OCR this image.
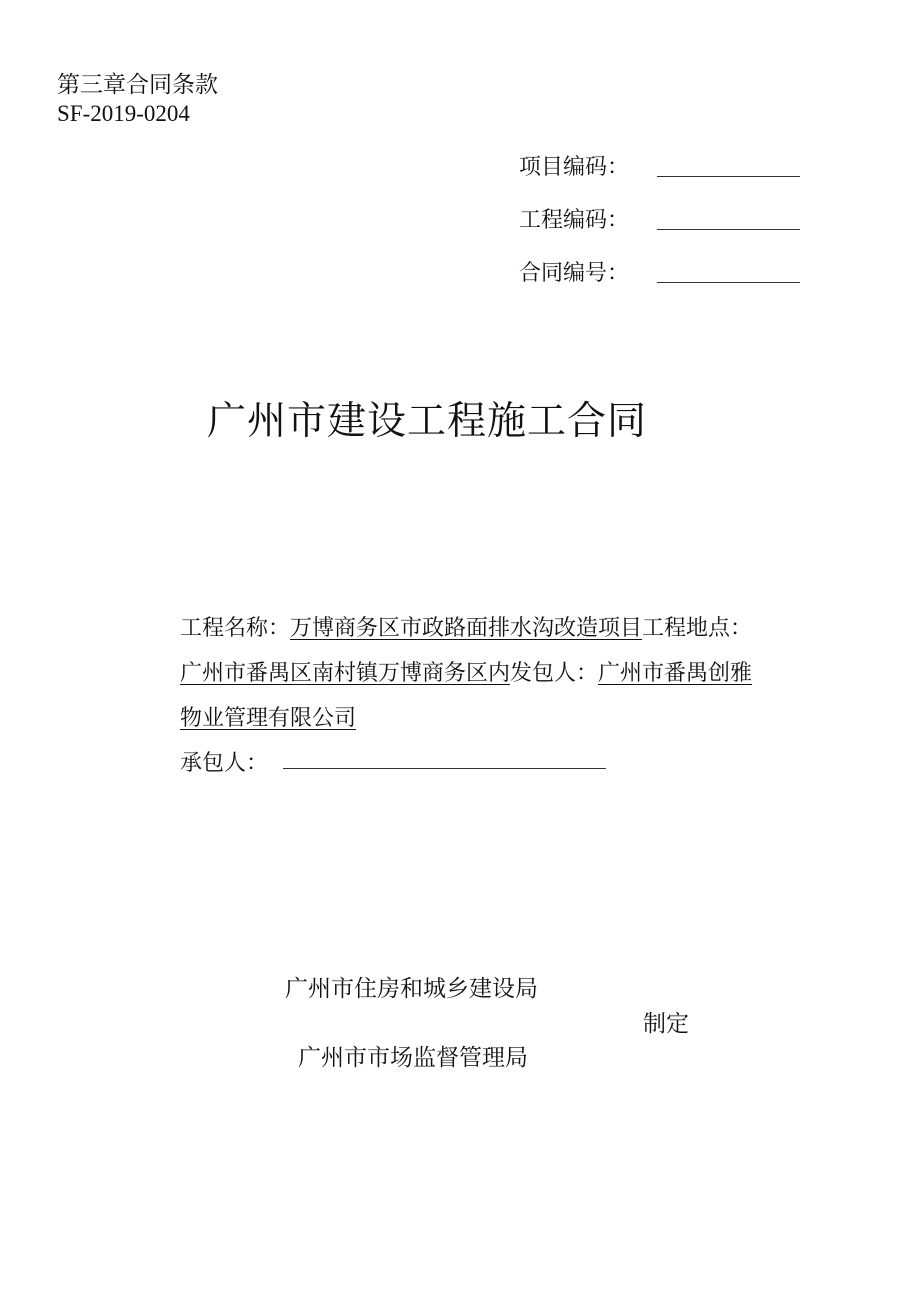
第三章合同条款
SF-2019-0204
项目编码：
工程编码：
合同编号：
广州市建设工程施工合同
工程名称：万博商务区市政路面排水沟改造项目工程地点：
广州市番禺区南村镇万博商务区内发包人：广州市番禺创雅
物业管理有限公司
承包人：
广州市住房和城乡建设局
制定
广州市市场监督管理局
